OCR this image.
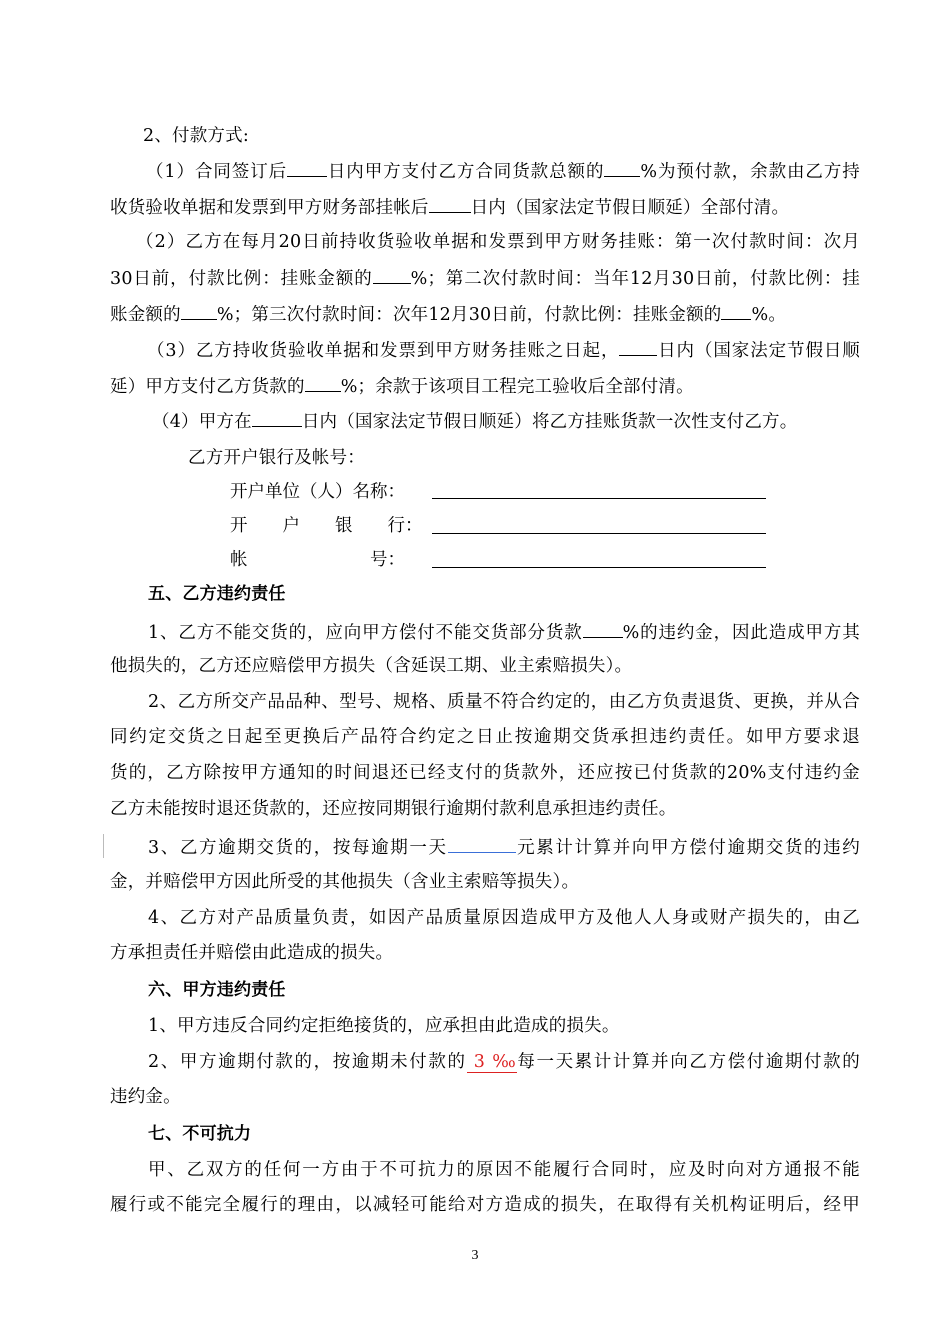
2、付款方式:
（1）合同签订后 日内甲方支付乙方合同货款总额的 %为预付款，余款由乙方持
收货验收单据和发票到甲方财务部挂帐后 日内（国家法定节假日顺延）全部付清。
（2）乙方在每月20日前持收货验收单据和发票到甲方财务挂账：第一次付款时间：次月
30日前，付款比例：挂账金额的 %；第二次付款时间：当年12月30日前，付款比例：挂
账金额的 %；第三次付款时间：次年12月30日前，付款比例：挂账金额的 %。
（3）乙方持收货验收单据和发票到甲方财务挂账之日起， 日内（国家法定节假日顺
延）甲方支付乙方货款的 %；余款于该项目工程完工验收后全部付清。
（4）甲方在	日内（国家法定节假日顺延）将乙方挂账货款一次性支付乙方。
乙方开户银行及帐号：
开户单位（人）名称：
开　　户　　银　　行：
帐　　　　　　　号：
五、乙方违约责任
1、乙方不能交货的，应向甲方偿付不能交货部分货款 %的违约金，因此造成甲方其
他损失的，乙方还应赔偿甲方损失（含延误工期、业主索赔损失）。
2、乙方所交产品品种、型号、规格、质量不符合约定的，由乙方负责退货、更换，并从合
同约定交货之日起至更换后产品符合约定之日止按逾期交货承担违约责任。如甲方要求退
货的，乙方除按甲方通知的时间退还已经支付的货款外，还应按已付货款的20%支付违约金
乙方未能按时退还货款的，还应按同期银行逾期付款利息承担违约责任。
3、乙方逾期交货的，按每逾期一天	元累计计算并向甲方偿付逾期交货的违约
金，并赔偿甲方因此所受的其他损失（含业主索赔等损失）。
4、乙方对产品质量负责，如因产品质量原因造成甲方及他人人身或财产损失的，由乙
方承担责任并赔偿由此造成的损失。
六、甲方违约责任
1、甲方违反合同约定拒绝接货的，应承担由此造成的损失。
2、甲方逾期付款的，按逾期未付款的 3 ‰每一天累计计算并向乙方偿付逾期付款的
违约金。
七、不可抗力
甲、乙双方的任何一方由于不可抗力的原因不能履行合同时，应及时向对方通报不能
履行或不能完全履行的理由，以减轻可能给对方造成的损失，在取得有关机构证明后，经甲
3
